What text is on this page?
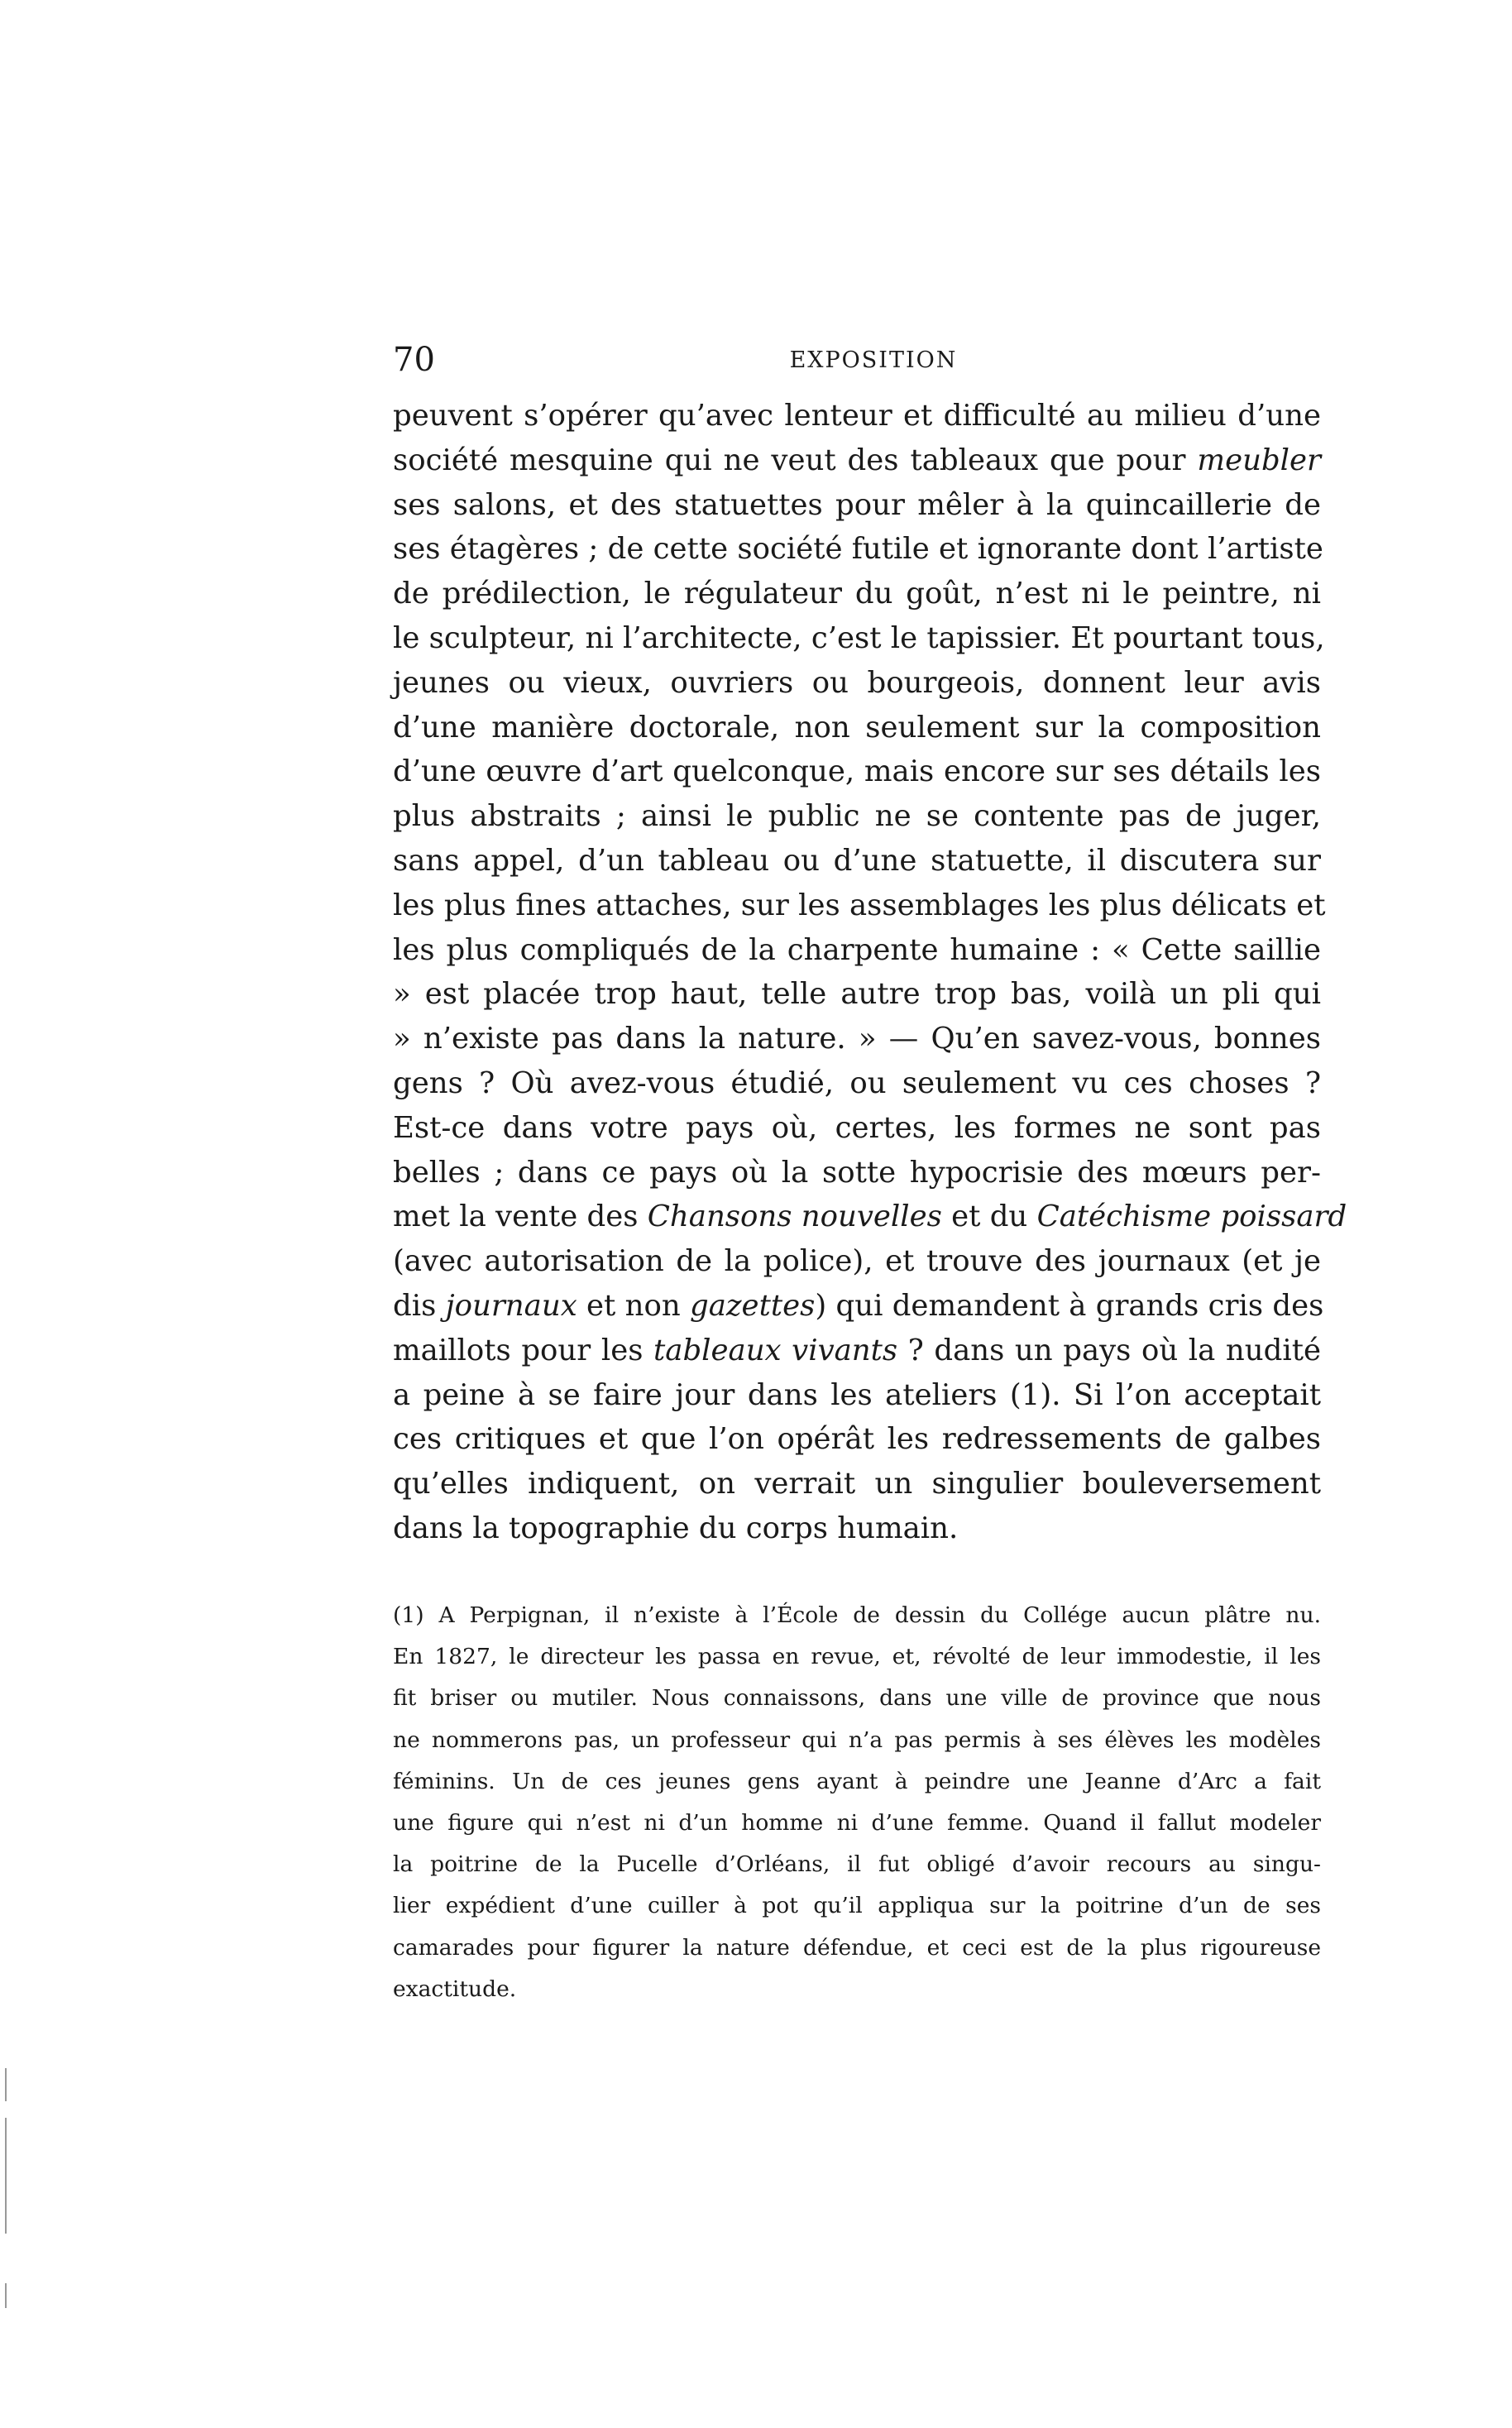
70	EXPOSITION
peuvent s’opérer qu’avec lenteur et difficulté au milieu d’une
société mesquine qui ne veut des tableaux que pour meubler
ses salons, et des statuettes pour mêler à la quincaillerie de
ses étagères ; de cette société futile et ignorante dont l’artiste
de prédilection, le régulateur du goût, n’est ni le peintre, ni
le sculpteur, ni l’architecte, c’est le tapissier. Et pourtant tous,
jeunes ou vieux, ouvriers ou bourgeois, donnent leur avis
d’une manière doctorale, non seulement sur la composition
d’une œuvre d’art quelconque, mais encore sur ses détails les
plus abstraits ; ainsi le public ne se contente pas de juger,
sans appel, d’un tableau ou d’une statuette, il discutera sur
les plus fines attaches, sur les assemblages les plus délicats et
les plus compliqués de la charpente humaine : « Cette saillie
» est placée trop haut, telle autre trop bas, voilà un pli qui
» n’existe pas dans la nature. » — Qu’en savez-vous, bonnes
gens ? Où avez-vous étudié, ou seulement vu ces choses ?
Est-ce dans votre pays où, certes, les formes ne sont pas
belles ; dans ce pays où la sotte hypocrisie des mœurs per-
met la vente des Chansons nouvelles et du Catéchisme poissard
(avec autorisation de la police), et trouve des journaux (et je
dis journaux et non gazettes) qui demandent à grands cris des
maillots pour les tableaux vivants ? dans un pays où la nudité
a peine à se faire jour dans les ateliers (1). Si l’on acceptait
ces critiques et que l’on opérât les redressements de galbes
qu’elles indiquent, on verrait un singulier bouleversement
dans la topographie du corps humain.
(1) A Perpignan, il n’existe à l’École de dessin du Collége aucun plâtre nu.
En 1827, le directeur les passa en revue, et, révolté de leur immodestie, il les
fit briser ou mutiler. Nous connaissons, dans une ville de province que nous
ne nommerons pas, un professeur qui n’a pas permis à ses élèves les modèles
féminins. Un de ces jeunes gens ayant à peindre une Jeanne d’Arc a fait
une figure qui n’est ni d’un homme ni d’une femme. Quand il fallut modeler
la poitrine de la Pucelle d’Orléans, il fut obligé d’avoir recours au singu-
lier expédient d’une cuiller à pot qu’il appliqua sur la poitrine d’un de ses
camarades pour figurer la nature défendue, et ceci est de la plus rigoureuse
exactitude.
